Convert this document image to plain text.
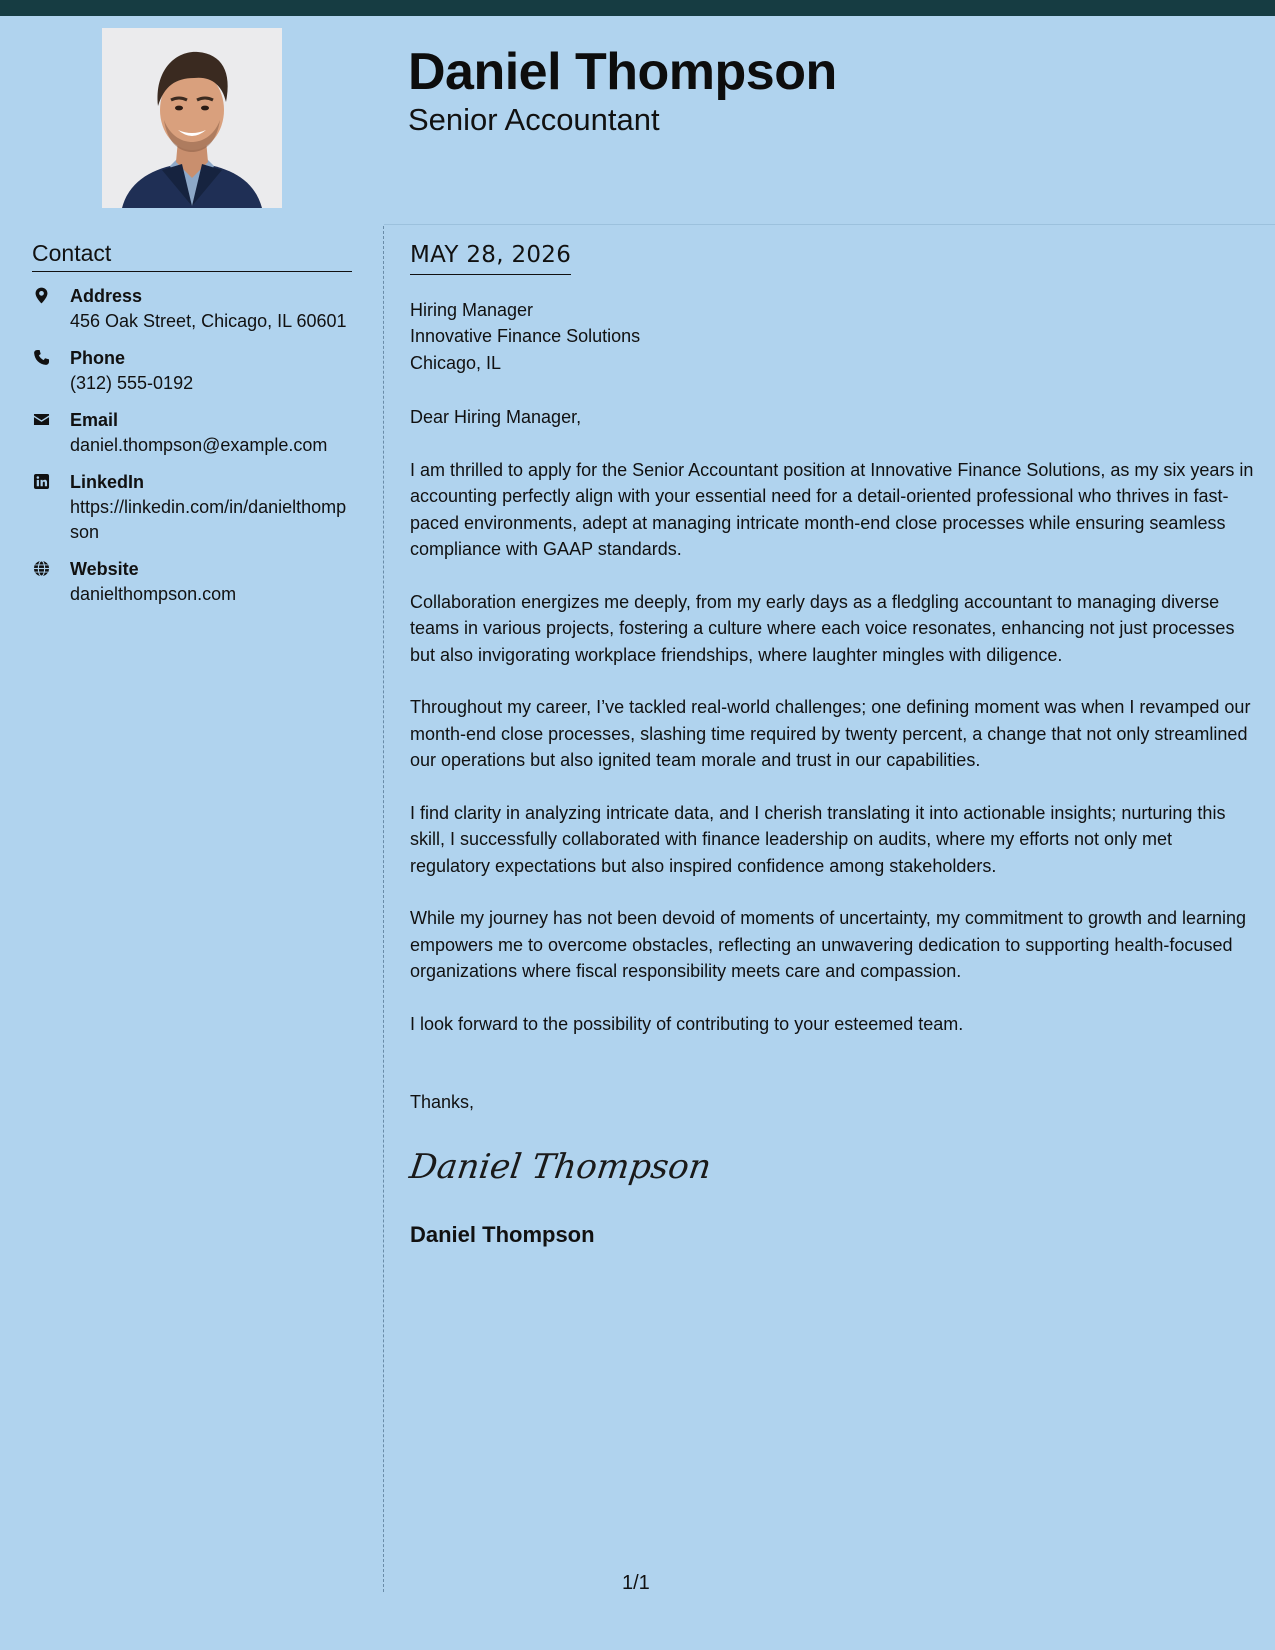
Daniel Thompson
Senior Accountant
Contact
Address
456 Oak Street, Chicago, IL 60601
Phone
(312) 555-0192
Email
daniel.thompson@example.com
LinkedIn
https://linkedin.com/in/danielthompson
Website
danielthompson.com
MAY 28, 2026
Hiring Manager
Innovative Finance Solutions
Chicago, IL
Dear Hiring Manager,
I am thrilled to apply for the Senior Accountant position at Innovative Finance Solutions, as my six years in accounting perfectly align with your essential need for a detail-oriented professional who thrives in fast-paced environments, adept at managing intricate month-end close processes while ensuring seamless compliance with GAAP standards.
Collaboration energizes me deeply, from my early days as a fledgling accountant to managing diverse teams in various projects, fostering a culture where each voice resonates, enhancing not just processes but also invigorating workplace friendships, where laughter mingles with diligence.
Throughout my career, I’ve tackled real-world challenges; one defining moment was when I revamped our month-end close processes, slashing time required by twenty percent, a change that not only streamlined our operations but also ignited team morale and trust in our capabilities.
I find clarity in analyzing intricate data, and I cherish translating it into actionable insights; nurturing this skill, I successfully collaborated with finance leadership on audits, where my efforts not only met regulatory expectations but also inspired confidence among stakeholders.
While my journey has not been devoid of moments of uncertainty, my commitment to growth and learning empowers me to overcome obstacles, reflecting an unwavering dedication to supporting health-focused organizations where fiscal responsibility meets care and compassion.
I look forward to the possibility of contributing to your esteemed team.
Thanks,
Daniel Thompson
Daniel Thompson
1/1
